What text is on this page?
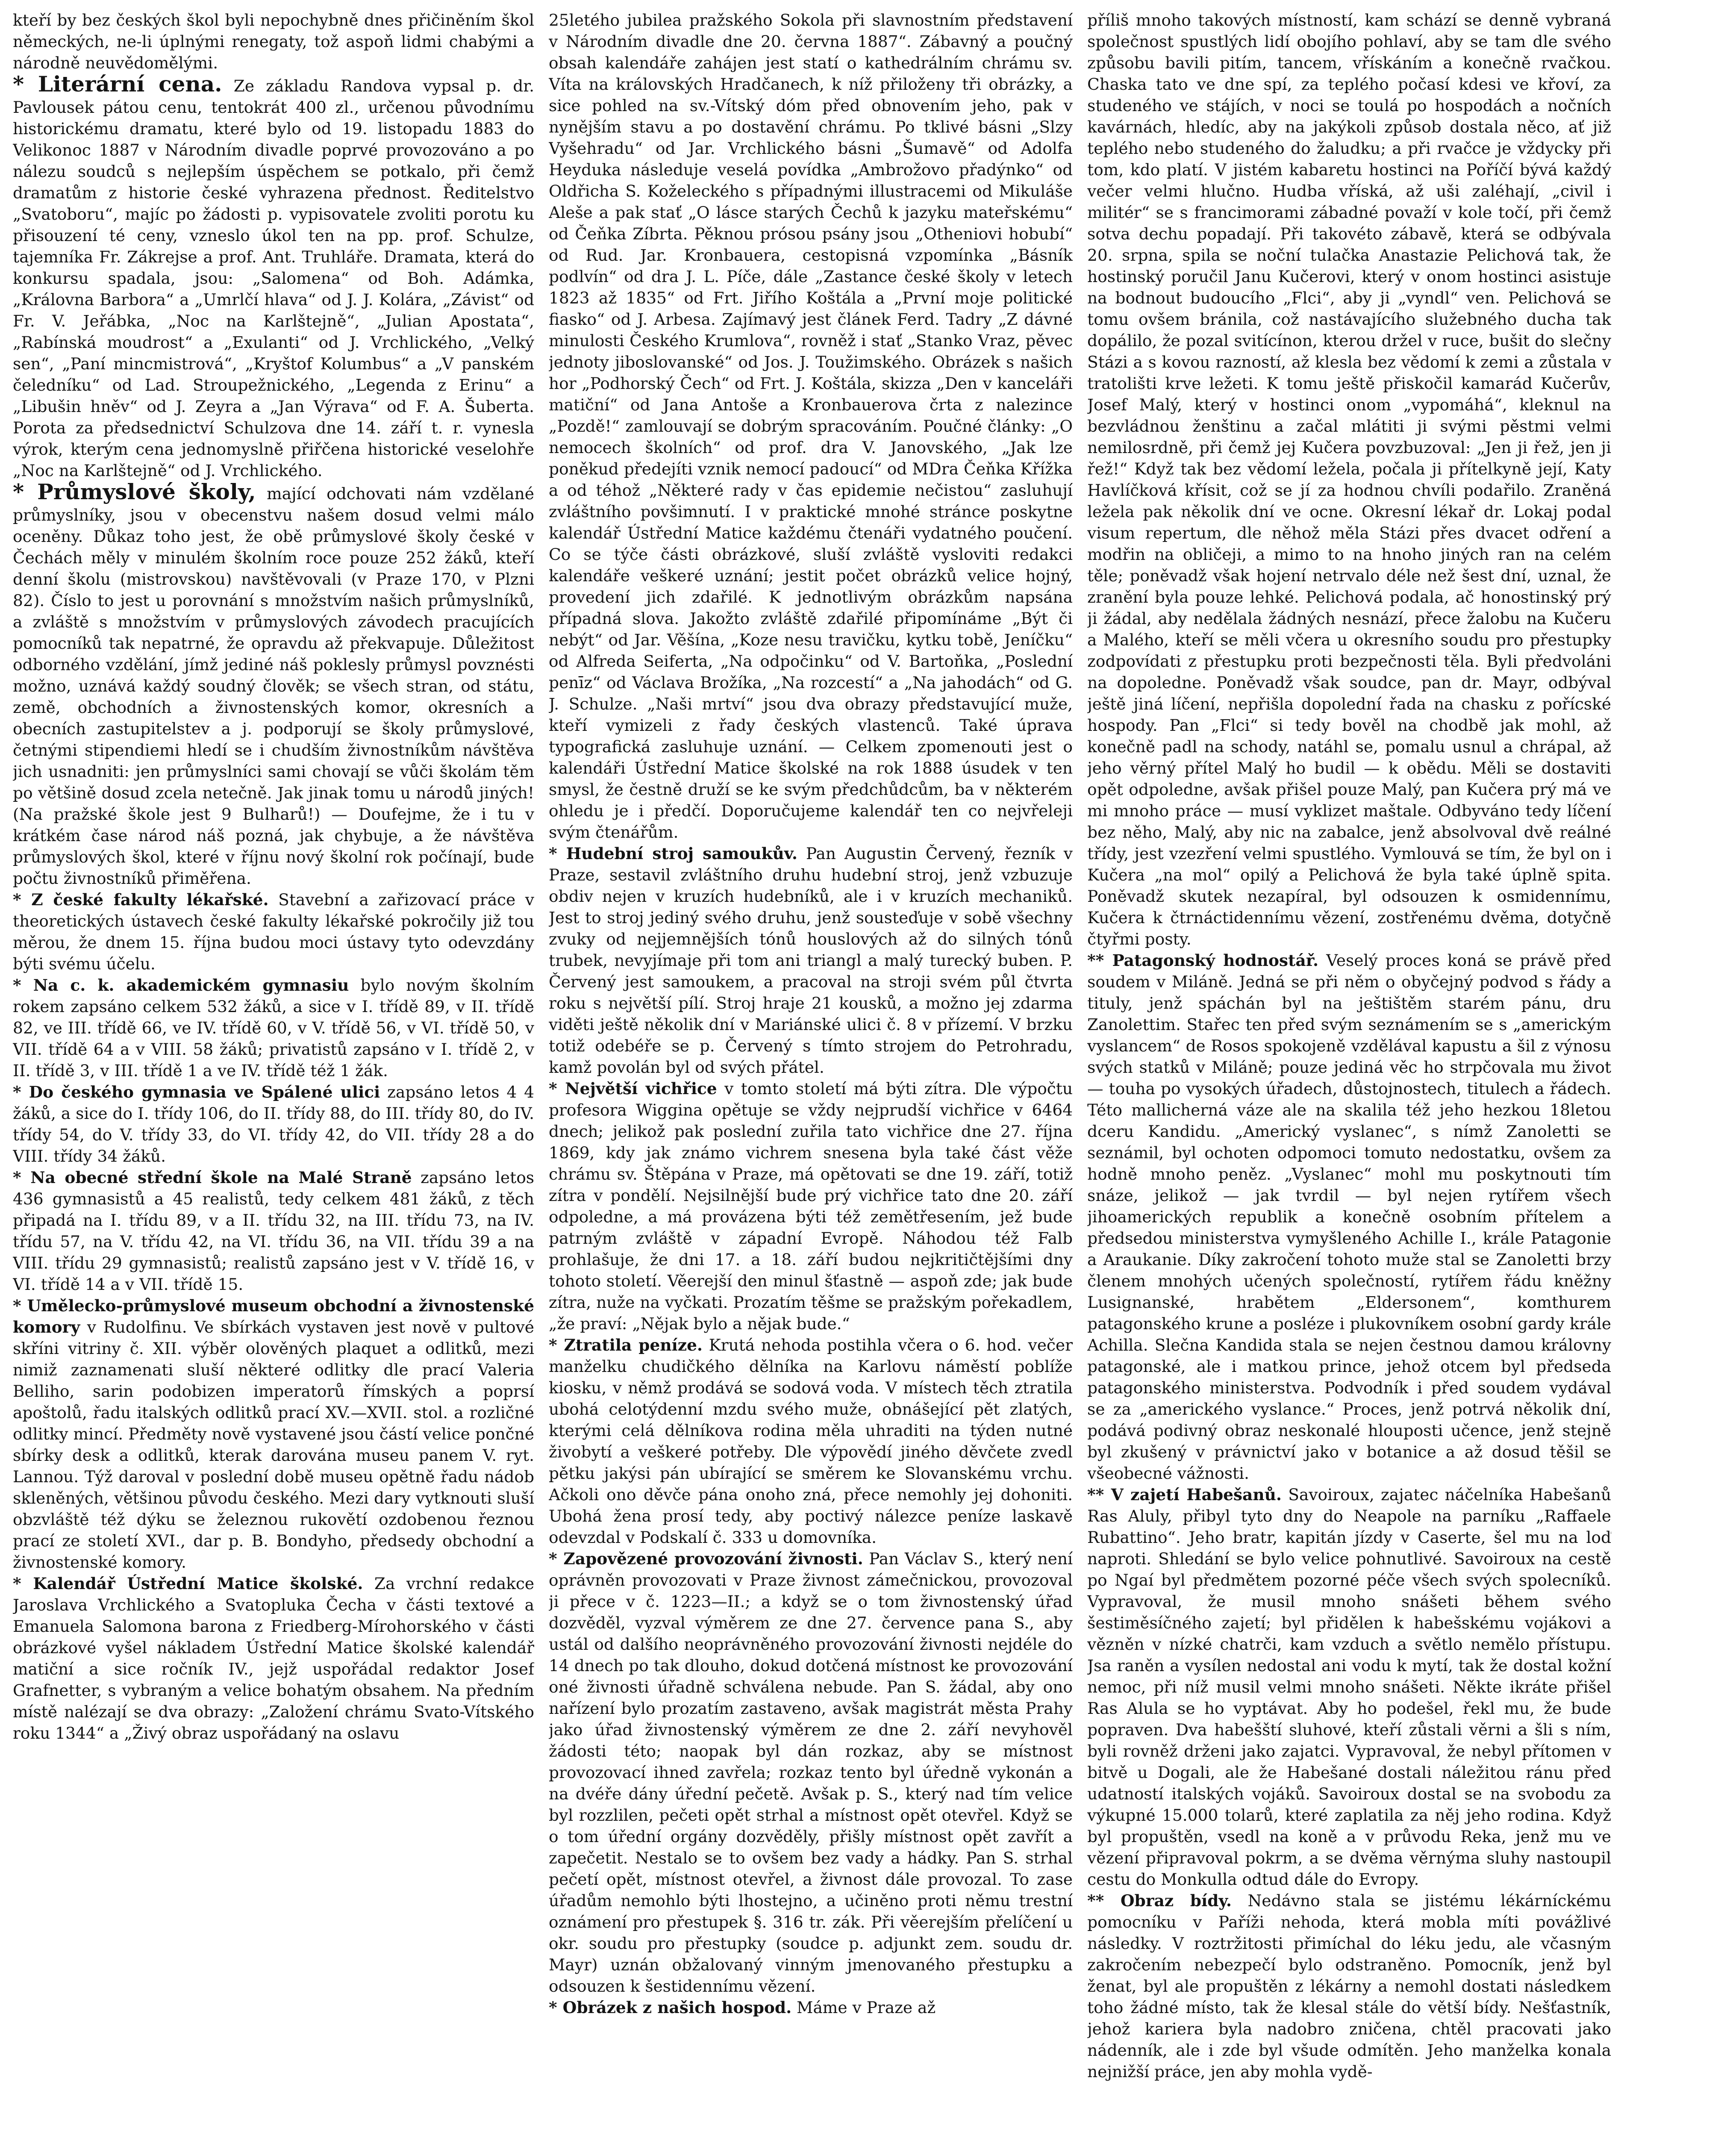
kteří by bez českých škol byli nepochybně dnes přičiněním škol německých, ne-li úplnými renegaty, tož aspoň lidmi chabými a národně neuvědomělými.

* Literární cena. Ze základu Randova vypsal p. dr. Pavlousek pátou cenu, tentokrát 400 zl., určenou původnímu historickému dramatu, které bylo od 19. listopadu 1883 do Velikonoc 1887 v Národním divadle poprvé provozováno a po nálezu soudců s nejlepším úspěchem se potkalo, při čemž dramatům z historie české vyhrazena přednost. Ředitelstvo „Svatoboru“, majíc po žádosti p. vypisovatele zvoliti porotu ku přisouzení té ceny, vzneslo úkol ten na pp. prof. Schulze, tajemníka Fr. Zákrejse a prof. Ant. Truhláře. Dramata, která do konkursu spadala, jsou: „Salomena“ od Boh. Adámka, „Královna Barbora“ a „Umrlčí hlava“ od J. J. Kolára, „Závist“ od Fr. V. Jeřábka, „Noc na Karlštejně“, „Julian Apostata“, „Rabínská moudrost“ a „Exulanti“ od J. Vrchlického, „Velký sen“, „Paní mincmistrová“, „Kryštof Kolumbus“ a „V panském čeledníku“ od Lad. Stroupežnického, „Legenda z Erinu“ a „Libušin hněv“ od J. Zeyra a „Jan Výrava“ od F. A. Šuberta. Porota za předsednictví Schulzova dne 14. září t. r. vynesla výrok, kterým cena jednomyslně přiřčena historické veselohře „Noc na Karlštejně“ od J. Vrchlického.

* Průmyslové školy, mající odchovati nám vzdělané průmyslníky, jsou v obecenstvu našem dosud velmi málo oceněny. Důkaz toho jest, že obě průmyslové školy české v Čechách měly v minulém školním roce pouze 252 žáků, kteří denní školu (mistrovskou) navštěvovali (v Praze 170, v Plzni 82). Číslo to jest u porovnání s množstvím našich průmyslníků, a zvláště s množstvím v průmyslových závodech pracujících pomocníků tak nepatrné, že opravdu až překvapuje. Důležitost odborného vzdělání, jímž jediné náš poklesly průmysl povznésti možno, uznává každý soudný člověk; se všech stran, od státu, země, obchodních a živnostenských komor, okresních a obecních zastupitelstev a j. podporují se školy průmyslové, četnými stipendiemi hledí se i chudším živnostníkům návštěva jich usnadniti: jen průmyslníci sami chovají se vůči školám těm po většině dosud zcela netečně. Jak jinak tomu u národů jiných! (Na pražské škole jest 9 Bulharů!) — Doufejme, že i tu v krátkém čase národ náš pozná, jak chybuje, a že návštěva průmyslových škol, které v říjnu nový školní rok počínají, bude počtu živnostníků přiměřena.

* Z české fakulty lékařské. Stavební a zařizovací práce v theoretických ústavech české fakulty lékařské pokročily již tou měrou, že dnem 15. října budou moci ústavy tyto odevzdány býti svému účelu.

* Na c. k. akademickém gymnasiu bylo novým školním rokem zapsáno celkem 532 žáků, a sice v I. třídě 89, v II. třídě 82, ve III. třídě 66, ve IV. třídě 60, v V. třídě 56, v VI. třídě 50, v VII. třídě 64 a v VIII. 58 žáků; privatistů zapsáno v I. třídě 2, v II. třídě 3, v III. třídě 1 a ve IV. třídě též 1 žák.

* Do českého gymnasia ve Spálené ulici zapsáno letos 4 4 žáků, a sice do I. třídy 106, do II. třídy 88, do III. třídy 80, do IV. třídy 54, do V. třídy 33, do VI. třídy 42, do VII. třídy 28 a do VIII. třídy 34 žáků.

* Na obecné střední škole na Malé Straně zapsáno letos 436 gymnasistů a 45 realistů, tedy celkem 481 žáků, z těch připadá na I. třídu 89, v a II. třídu 32, na III. třídu 73, na IV. třídu 57, na V. třídu 42, na VI. třídu 36, na VII. třídu 39 a na VIII. třídu 29 gymnasistů; realistů zapsáno jest v V. třídě 16, v VI. třídě 14 a v VII. třídě 15.

* Umělecko-průmyslové museum obchodní a živnostenské komory v Rudolfinu. Ve sbírkách vystaven jest nově v pultové skříni vitriny č. XII. výběr olověných plaquet a odlitků, mezi nimiž zaznamenati sluší některé odlitky dle prací Valeria Belliho, sarin podobizen imperatorů římských a poprsí apoštolů, řadu italských odlitků prací XV.—XVII. stol. a rozličné odlitky mincí. Předměty nově vystavené jsou částí velice pončné sbírky desk a odlitků, kterak darována museu panem V. ryt. Lannou. Týž daroval v poslední době museu opětně řadu nádob skleněných, většinou původu českého. Mezi dary vytknouti sluší obzvláště též dýku se železnou rukovětí ozdobenou řeznou prací ze století XVI., dar p. B. Bondyho, předsedy obchodní a živnostenské komory.

* Kalendář Ústřední Matice školské. Za vrchní redakce Jaroslava Vrchlického a Svatopluka Čecha v části textové a Emanuela Salomona barona z Friedberg-Mírohorského v části obrázkové vyšel nákladem Ústřední Matice školské kalendář matiční a sice ročník IV., jejž uspořádal redaktor Josef Grafnetter, s vybraným a velice bohatým obsahem. Na předním místě nalézají se dva obrazy: „Založení chrámu Svato-Vítského roku 1344“ a „Živý obraz uspořádaný na oslavu

25letého jubilea pražského Sokola při slavnostním představení v Národním divadle dne 20. června 1887“. Zábavný a poučný obsah kalendáře zahájen jest statí o kathedrálním chrámu sv. Víta na královských Hradčanech, k níž přiloženy tři obrázky, a sice pohled na sv.-Vítský dóm před obnovením jeho, pak v nynějším stavu a po dostavění chrámu. Po tklivé básni „Slzy Vyšehradu“ od Jar. Vrchlického básni „Šumavě“ od Adolfa Heyduka následuje veselá povídka „Ambrožovo přadýnko“ od Oldřicha S. Koželeckého s případnými illustracemi od Mikuláše Aleše a pak stať „O lásce starých Čechů k jazyku mateřskému“ od Čeňka Zíbrta. Pěknou prósou psány jsou „Otheniovi hobubí“ od Rud. Jar. Kronbauera, cestopisná vzpomínka „Básník podlvín“ od dra J. L. Píče, dále „Zastance české školy v letech 1823 až 1835“ od Frt. Jiřího Koštála a „První moje politické fiasko“ od J. Arbesa. Zajímavý jest článek Ferd. Tadry „Z dávné minulosti Českého Krumlova“, rovněž i stať „Stanko Vraz, pěvec jednoty jiboslovanské“ od Jos. J. Toužimského. Obrázek s našich hor „Podhorský Čech“ od Frt. J. Koštála, skizza „Den v kanceláři matiční“ od Jana Antoše a Kronbauerova črta z nalezince „Pozdě!“ zamlouvají se dobrým spracováním. Poučné články: „O nemocech školních“ od prof. dra V. Janovského, „Jak lze poněkud předejíti vznik nemocí padoucí“ od MDra Čeňka Křížka a od téhož „Některé rady v čas epidemie nečistou“ zasluhují zvláštního povšimnutí. I v praktické mnohé stránce poskytne kalendář Ústřední Matice každému čtenáři vydatného poučení. Co se týče části obrázkové, sluší zvláště vysloviti redakci kalendáře veškeré uznání; jestit počet obrázků velice hojný, provedení jich zdařilé. K jednotlivým obrázkům napsána případná slova. Jakožto zvláště zdařilé připomínáme „Být či nebýt“ od Jar. Věšína, „Koze nesu travičku, kytku tobě, Jeníčku“ od Alfreda Seiferta, „Na odpočinku“ od V. Bartoňka, „Poslední penīz“ od Václava Brožíka, „Na rozcestí“ a „Na jahodách“ od G. J. Schulze. „Naši mrtví“ jsou dva obrazy představující muže, kteří vymizeli z řady českých vlastenců. Také úprava typografická zasluhuje uznání. — Celkem zpomenouti jest o kalendáři Ústřední Matice školské na rok 1888 úsudek v ten smysl, že čestně druží se ke svým předchůdcům, ba v některém ohledu je i předčí. Doporučujeme kalendář ten co nejvřeleji svým čtenářům.

* Hudební stroj samoukův. Pan Augustin Červený, řezník v Praze, sestavil zvláštního druhu hudební stroj, jenž vzbuzuje obdiv nejen v kruzích hudebníků, ale i v kruzích mechaniků. Jest to stroj jediný svého druhu, jenž sousteďuje v sobě všechny zvuky od nejjemnějších tónů houslových až do silných tónů trubek, nevyjímaje při tom ani triangl a malý turecký buben. P. Červený jest samoukem, a pracoval na stroji svém půl čtvrta roku s největší pílí. Stroj hraje 21 kousků, a možno jej zdarma viděti ještě několik dní v Mariánské ulici č. 8 v přízemí. V brzku totiž odebéře se p. Červený s tímto strojem do Petrohradu, kamž povolán byl od svých přátel.

* Největší vichřice v tomto století má býti zítra. Dle výpočtu profesora Wiggina opětuje se vždy nejprudší vichřice v 6464 dnech; jelikož pak poslední zuřila tato vichřice dne 27. října 1869, kdy jak známo vichrem snesena byla také část věže chrámu sv. Štěpána v Praze, má opětovati se dne 19. září, totiž zítra v pondělí. Nejsilnější bude prý vichřice tato dne 20. září odpoledne, a má provázena býti též zemětřesením, jež bude patrným zvláště v západní Evropě. Náhodou též Falb prohlašuje, že dni 17. a 18. září budou nejkritičtějšími dny tohoto století. Věerejší den minul šťastně — aspoň zde; jak bude zítra, nuže na vyčkati. Prozatím těšme se pražským pořekadlem, „že praví: „Nějak bylo a nějak bude.“

* Ztratila peníze. Krutá nehoda postihla včera o 6. hod. večer manželku chudičkého dělníka na Karlovu náměstí poblíže kiosku, v němž prodává se sodová voda. V místech těch ztratila ubohá celotýdenní mzdu svého muže, obnášející pět zlatých, kterými celá dělníkova rodina měla uhraditi na týden nutné živobytí a veškeré potřeby. Dle výpovědí jiného děvčete zvedl pětku jakýsi pán ubírající se směrem ke Slovanskému vrchu. Ačkoli ono děvče pána onoho zná, přece nemohly jej dohoniti. Ubohá žena prosí tedy, aby poctivý nálezce peníze laskavě odevzdal v Podskalí č. 333 u domovníka.

* Zapovězené provozování živnosti. Pan Václav S., který není oprávněn provozovati v Praze živnost zámečnickou, provozoval ji přece v č. 1223—II.; a když se o tom živnostenský úřad dozvěděl, vyzval výměrem ze dne 27. července pana S., aby ustál od dalšího neoprávněného provozování živnosti nejdéle do 14 dnech po tak dlouho, dokud dotčená místnost ke provozování oné živnosti úřadně schválena nebude. Pan S. žádal, aby ono nařízení bylo prozatím zastaveno, avšak magistrát města Prahy jako úřad živnostenský výměrem ze dne 2. září nevyhověl žádosti této; naopak byl dán rozkaz, aby se místnost provozovací ihned zavřela; rozkaz tento byl úředně vykonán a na dvéře dány úřední pečetě. Avšak p. S., který nad tím velice byl rozzlilen, pečeti opět strhal a místnost opět otevřel. Když se o tom úřední orgány dozvěděly, přišly místnost opět zavřít a zapečetit. Nestalo se to ovšem bez vady a hádky. Pan S. strhal pečetí opět, místnost otevřel, a živnost dále provozal. To zase úřadům nemohlo býti lhostejno, a učiněno proti němu trestní oznámení pro přestupek §. 316 tr. zák. Při věerejším přelíčení u okr. soudu pro přestupky (soudce p. adjunkt zem. soudu dr. Mayr) uznán obžalovaný vinným jmenovaného přestupku a odsouzen k šestidennímu vězení.

* Obrázek z našich hospod. Máme v Praze až

příliš mnoho takových místností, kam schází se denně vybraná společnost spustlých lidí obojího pohlaví, aby se tam dle svého způsobu bavili pitím, tancem, vřískáním a konečně rvačkou. Chaska tato ve dne spí, za teplého počasí kdesi ve křoví, za studeného ve stájích, v noci se toulá po hospodách a nočních kavárnách, hledíc, aby na jakýkoli způsob dostala něco, ať již teplého nebo studeného do žaludku; a při rvačce je vždycky při tom, kdo platí. V jistém kabaretu hostinci na Poříčí bývá každý večer velmi hlučno. Hudba vříská, až uši zaléhají, „civil i militér“ se s francimorami zábadné považí v kole točí, při čemž sotva dechu popadají. Při takovéto zábavě, která se odbývala 20. srpna, spila se noční tulačka Anastazie Pelichová tak, že hostinský poručil Janu Kučerovi, který v onom hostinci asistuje na bodnout budoucího „Flci“, aby ji „vyndl“ ven. Pelichová se tomu ovšem bránila, což nastávajícího služebného ducha tak dopálilo, že pozal svitícínon, kterou držel v ruce, bušit do slečny Stázi a s kovou razností, až klesla bez vědomí k zemi a zůstala v tratolišti krve ležeti. K tomu ještě přiskočil kamarád Kučerův, Josef Malý, který v hostinci onom „vypomáhá“, kleknul na bezvládnou ženštinu a začal mlátiti ji svými pěstmi velmi nemilosrdně, při čemž jej Kučera povzbuzoval: „Jen ji řež, jen ji řež!“ Když tak bez vědomí ležela, počala ji přítelkyně její, Katy Havlíčková křísit, což se jí za hodnou chvíli podařilo. Zraněná ležela pak několik dní ve ocne. Okresní lékař dr. Lokaj podal visum repertum, dle něhož měla Stázi přes dvacet odření a modřin na obličeji, a mimo to na hnoho jiných ran na celém těle; poněvadž však hojení netrvalo déle než šest dní, uznal, že zranění byla pouze lehké. Pelichová podala, ač honostinský prý ji žádal, aby nedělala žádných nesnází, přece žalobu na Kučeru a Malého, kteří se měli včera u okresního soudu pro přestupky zodpovídati z přestupku proti bezpečnosti těla. Byli předvoláni na dopoledne. Poněvadž však soudce, pan dr. Mayr, odbýval ještě jiná líčení, nepřišla dopolední řada na chasku z pořícské hospody. Pan „Flci“ si tedy bověl na chodbě jak mohl, až konečně padl na schody, natáhl se, pomalu usnul a chrápal, až jeho věrný přítel Malý ho budil — k obědu. Měli se dostaviti opět odpoledne, avšak přišel pouze Malý, pan Kučera prý má ve mi mnoho práce — musí vyklizet maštale. Odbyváno tedy líčení bez něho, Malý, aby nic na zabalce, jenž absolvoval dvě reálné třídy, jest vzezření velmi spustlého. Vymlouvá se tím, že byl on i Kučera „na mol“ opilý a Pelichová že byla také úplně spita. Poněvadž skutek nezapíral, byl odsouzen k osmidennímu, Kučera k čtrnáctidennímu vězení, zostřenému dvěma, dotyčně čtyřmi posty.

** Patagonský hodnostář. Veselý proces koná se právě před soudem v Miláně. Jedná se při něm o obyčejný podvod s řády a tituly, jenž spáchán byl na ještištěm starém pánu, dru Zanolettim. Stařec ten před svým seznámením se s „americkým vyslancem“ de Rosos spokojeně vzdělával kapustu a šil z výnosu svých statků v Miláně; pouze jediná věc ho strpčovala mu život — touha po vysokých úřadech, důstojnostech, titulech a řádech. Této mallicherná váze ale na skalila též jeho hezkou 18letou dceru Kandidu. „Americký vyslanec“, s nímž Zanoletti se seznámil, byl ochoten odpomoci tomuto nedostatku, ovšem za hodně mnoho peněz. „Vyslanec“ mohl mu poskytnouti tím snáze, jelikož — jak tvrdil — byl nejen rytířem všech jihoamerických republik a konečně osobním přítelem a předsedou ministerstva vymyšleného Achille I., krále Patagonie a Araukanie. Díky zakročení tohoto muže stal se Zanoletti brzy členem mnohých učených společností, rytířem řádu kněžny Lusignanské, hrabětem „Eldersonem“, komthurem patagonského krune a posléze i plukovníkem osobní gardy krále Achilla. Slečna Kandida stala se nejen čestnou damou královny patagonské, ale i matkou prince, jehož otcem byl předseda patagonského ministerstva. Podvodník i před soudem vydával se za „amerického vyslance.“ Proces, jenž potrvá několik dní, podává podivný obraz neskonalé hlouposti učence, jenž stejně byl zkušený v právnictví jako v botanice a až dosud těšil se všeobecné vážnosti.

** V zajetí Habešanů. Savoiroux, zajatec náčelníka Habešanů Ras Aluly, přibyl tyto dny do Neapole na parníku „Raffaele Rubattino“. Jeho bratr, kapitán jízdy v Caserte, šel mu na loď naproti. Shledání se bylo velice pohnutlivé. Savoiroux na cestě po Ngaí byl předmětem pozorné péče všech svých spolecníků. Vypravoval, že musil mnoho snášeti během svého šestiměsíčného zajetí; byl přidělen k habešskému vojákovi a vězněn v nízké chatrči, kam vzduch a světlo nemělo přístupu. Jsa raněn a vysílen nedostal ani vodu k mytí, tak že dostal kožní nemoc, při níž musil velmi mnoho snášeti. Někte ikráte přišel Ras Alula se ho vyptávat. Aby ho podešel, řekl mu, že bude popraven. Dva habešští sluhové, kteří zůstali věrni a šli s ním, byli rovněž drženi jako zajatci. Vypravoval, že nebyl přítomen v bitvě u Dogali, ale že Habešané dostali náležitou ránu před udatností italských vojáků. Savoiroux dostal se na svobodu za výkupné 15.000 tolarů, které zaplatila za něj jeho rodina. Když byl propuštěn, vsedl na koně a v průvodu Reka, jenž mu ve vězení připravoval pokrm, a se dvěma věrnýma sluhy nastoupil cestu do Monkulla odtud dále do Evropy.

** Obraz bídy. Nedávno stala se jistému lékárníckému pomocníku v Paříži nehoda, která mobla míti povážlivé následky. V roztržitosti přimíchal do léku jedu, ale včasným zakročením nebezpečí bylo odstraněno. Pomocník, jenž byl ženat, byl ale propuštěn z lékárny a nemohl dostati následkem toho žádné místo, tak že klesal stále do větší bídy. Nešťastník, jehož kariera byla nadobro zničena, chtěl pracovati jako nádenník, ale i zde byl všude odmítěn. Jeho manželka konala nejnižší práce, jen aby mohla vydě-
